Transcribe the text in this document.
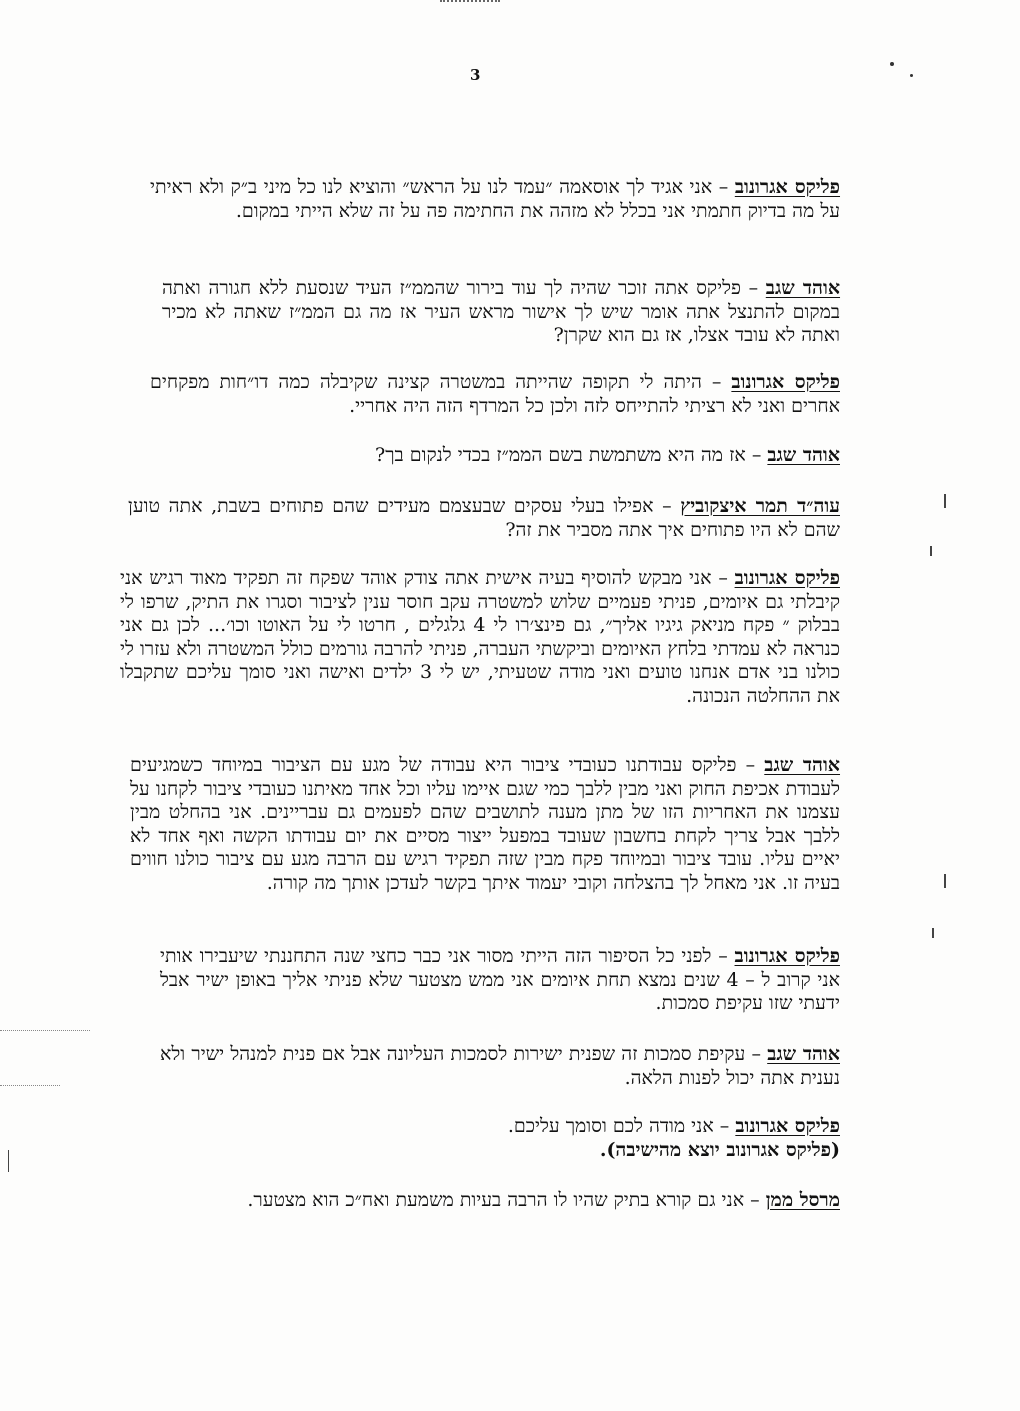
3
פליקס אגרונוב – אני אגיד לך אוסאמה ״עמד לנו על הראש״ והוציא לנו כל מיני ב״ק ולא ראיתי על מה בדיוק חתמתי אני בכלל לא מזהה את החתימה פה על זה שלא הייתי במקום.
אוהד שגב – פליקס אתה זוכר שהיה לך עוד בירור שהממ״ז העיד שנסעת ללא חגורה ואתה במקום להתנצל אתה אומר שיש לך אישור מראש העיר אז מה גם הממ״ז שאתה לא מכיר ואתה לא עובד אצלו, אז גם הוא שקרן?
פליקס אגרונוב – היתה לי תקופה שהייתה במשטרה קצינה שקיבלה כמה דו״חות מפקחים אחרים ואני לא רציתי להתייחס לזה ולכן כל המרדף הזה היה אחריי.
אוהד שגב – אז מה היא משתמשת בשם הממ״ז בכדי לנקום בך?
עוה״ד תמר איצקוביץ – אפילו בעלי עסקים שבעצמם מעידים שהם פתוחים בשבת, אתה טוען שהם לא היו פתוחים איך אתה מסביר את זה?
פליקס אגרונוב – אני מבקש להוסיף בעיה אישית אתה צודק אוהד שפקח זה תפקיד מאוד רגיש אני קיבלתי גם איומים, פניתי פעמיים שלוש למשטרה עקב חוסר ענין לציבור וסגרו את התיק, שרפו לי בבלוק ״ פקח מניאק גיגיו אליך״, גם פינצ׳רו לי 4 גלגלים , חרטו לי על האוטו וכו׳... לכן גם אני כנראה לא עמדתי בלחץ האיומים וביקשתי העברה, פניתי להרבה גורמים כולל המשטרה ולא עזרו לי כולנו בני אדם אנחנו טועים ואני מודה שטעיתי, יש לי 3 ילדים ואישה ואני סומך עליכם שתקבלו את ההחלטה הנכונה.
אוהד שגב – פליקס עבודתנו כעובדי ציבור היא עבודה של מגע עם הציבור במיוחד כשמגיעים לעבודת אכיפת החוק ואני מבין ללבך כמי שגם איימו עליו וכל אחד מאיתנו כעובדי ציבור לקחנו על עצמנו את האחריות הזו של מתן מענה לתושבים שהם לפעמים גם עבריינים. אני בהחלט מבין ללבך אבל צריך לקחת בחשבון שעובד במפעל ייצור מסיים את יום עבודתו הקשה ואף אחד לא יאיים עליו. עובד ציבור ובמיוחד פקח מבין שזה תפקיד רגיש עם הרבה מגע עם ציבור כולנו חווים בעיה זו. אני מאחל לך בהצלחה וקובי יעמוד איתך בקשר לעדכן אותך מה קורה.
פליקס אגרונוב – לפני כל הסיפור הזה הייתי מסור אני כבר כחצי שנה התחננתי שיעבירו אותי אני קרוב ל – 4 שנים נמצא תחת איומים אני ממש מצטער שלא פניתי אליך באופן ישיר אבל ידעתי שזו עקיפת סמכות.
אוהד שגב – עקיפת סמכות זה שפנית ישירות לסמכות העליונה אבל אם פנית למנהל ישיר ולא נענית אתה יכול לפנות הלאה.
פליקס אגרונוב – אני מודה לכם וסומך עליכם.
(פליקס אגרונוב יוצא מהישיבה).
מרסל ממן – אני גם קורא בתיק שהיו לו הרבה בעיות משמעת ואח״כ הוא מצטער.
